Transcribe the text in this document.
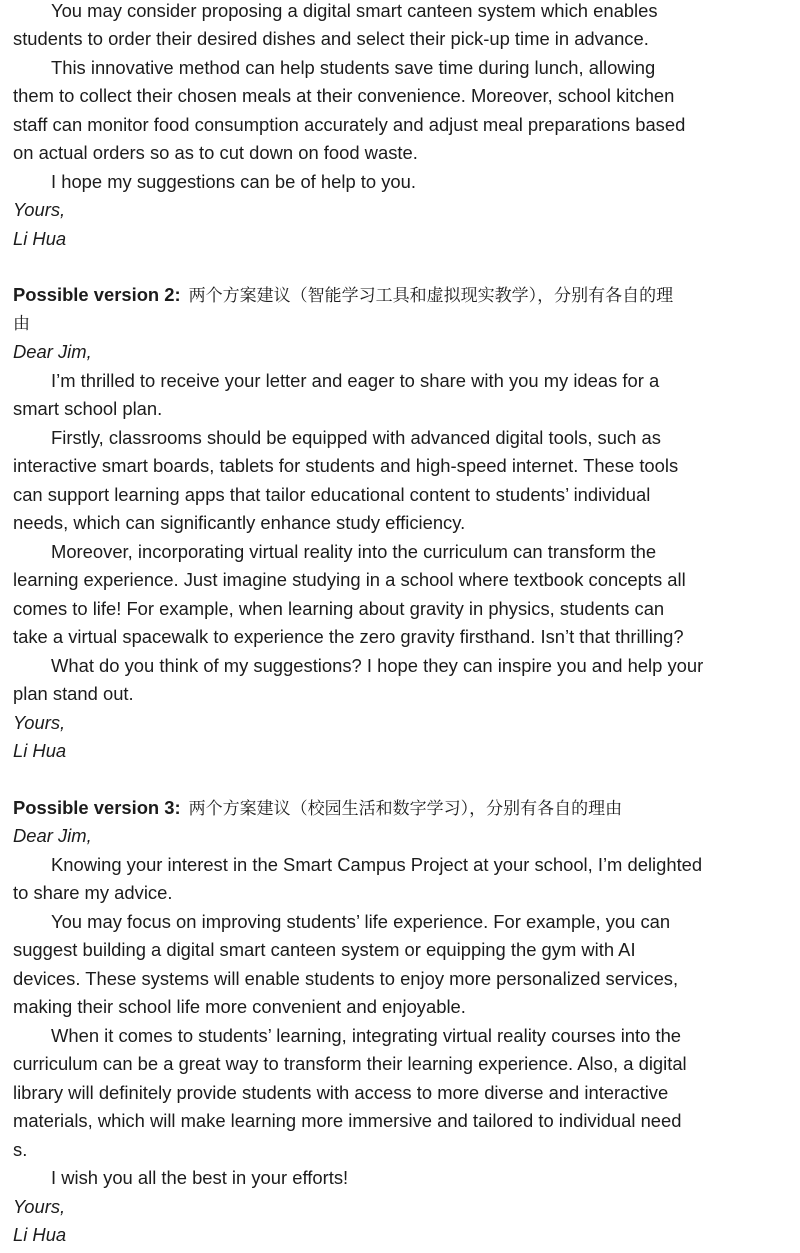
You may consider proposing a digital smart canteen system which enables
students to order their desired dishes and select their pick-up time in advance.
This innovative method can help students save time during lunch, allowing
them to collect their chosen meals at their convenience. Moreover, school kitchen
staff can monitor food consumption accurately and adjust meal preparations based
on actual orders so as to cut down on food waste.
I hope my suggestions can be of help to you.
Yours,
Li Hua
Possible version 2: 两个方案建议（智能学习工具和虚拟现实教学），分别有各自的理
由
Dear Jim,
I’m thrilled to receive your letter and eager to share with you my ideas for a
smart school plan.
Firstly, classrooms should be equipped with advanced digital tools, such as
interactive smart boards, tablets for students and high-speed internet. These tools
can support learning apps that tailor educational content to students’ individual
needs, which can significantly enhance study efficiency.
Moreover, incorporating virtual reality into the curriculum can transform the
learning experience. Just imagine studying in a school where textbook concepts all
comes to life! For example, when learning about gravity in physics, students can
take a virtual spacewalk to experience the zero gravity firsthand. Isn’t that thrilling?
What do you think of my suggestions? I hope they can inspire you and help your
plan stand out.
Yours,
Li Hua
Possible version 3: 两个方案建议（校园生活和数字学习），分别有各自的理由
Dear Jim,
Knowing your interest in the Smart Campus Project at your school, I’m delighted
to share my advice.
You may focus on improving students’ life experience. For example, you can
suggest building a digital smart canteen system or equipping the gym with AI
devices. These systems will enable students to enjoy more personalized services,
making their school life more convenient and enjoyable.
When it comes to students’ learning, integrating virtual reality courses into the
curriculum can be a great way to transform their learning experience. Also, a digital
library will definitely provide students with access to more diverse and interactive
materials, which will make learning more immersive and tailored to individual need
s.
I wish you all the best in your efforts!
Yours,
Li Hua
